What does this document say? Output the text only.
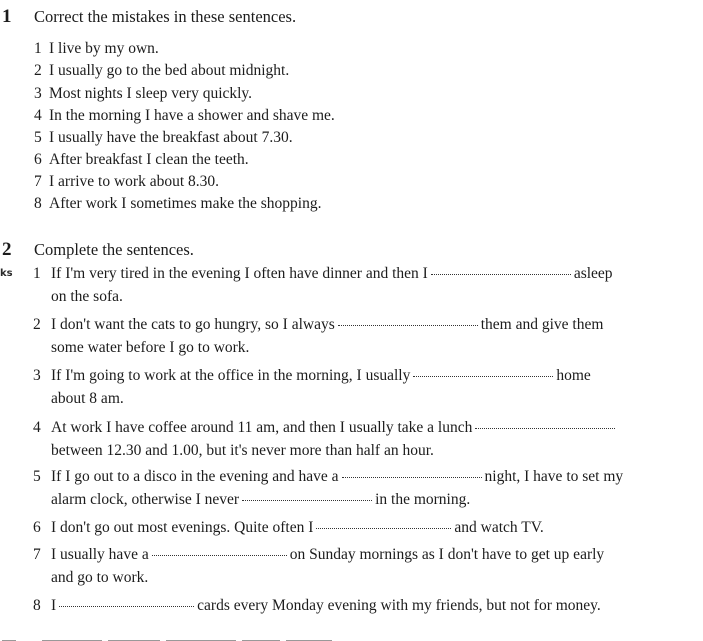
1 Correct the mistakes in these sentences.
1 I live by my own.
2 I usually go to the bed about midnight.
3 Most nights I sleep very quickly.
4 In the morning I have a shower and shave me.
5 I usually have the breakfast about 7.30.
6 After breakfast I clean the teeth.
7 I arrive to work about 8.30.
8 After work I sometimes make the shopping.
2 Complete the sentences.
ks 1 If I'm very tired in the evening I often have dinner and then I	asleep
on the sofa.
2 I don't want the cats to go hungry, so I always	them and give them
some water before I go to work.
3 If I'm going to work at the office in the morning, I usually	home
about 8 am.
4 At work I have coffee around 11 am, and then I usually take a lunch
between 12.30 and 1.00, but it's never more than half an hour.
5 If I go out to a disco in the evening and have a	night, I have to set my
alarm clock, otherwise I never	in the morning.
6 I don't go out most evenings. Quite often I	and watch TV.
7 I usually have a	on Sunday mornings as I don't have to get up early
and go to work.
8 I	cards every Monday evening with my friends, but not for money.
